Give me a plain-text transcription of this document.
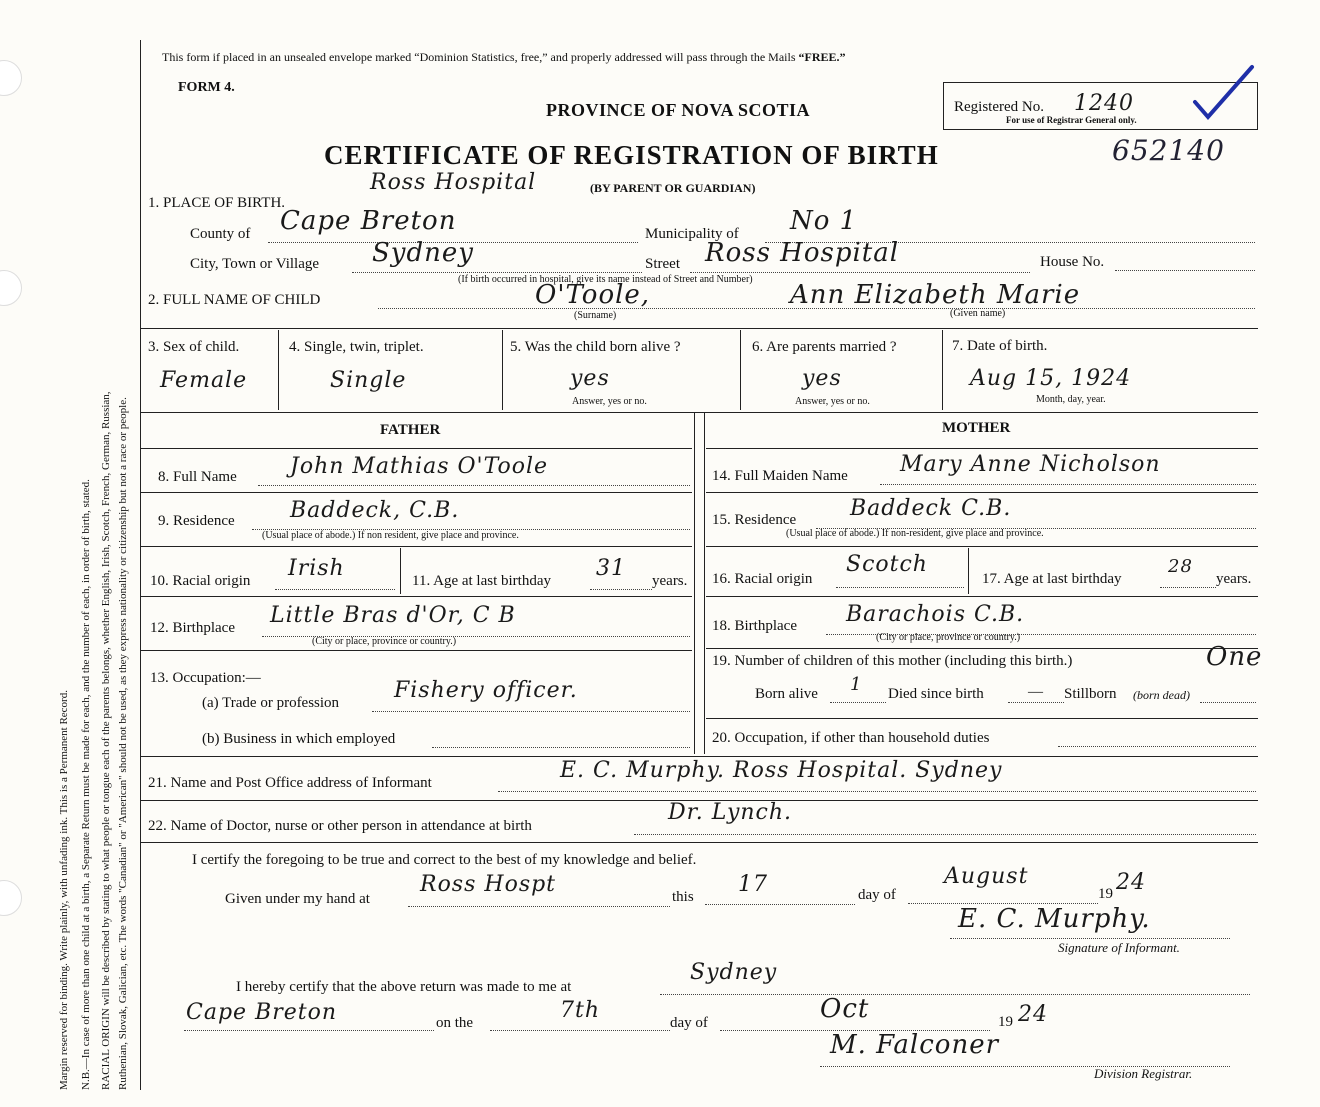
Margin reserved for binding. Write plainly, with unfading ink. This is a Permanent Record. N.B.—In case of more than one child at a birth, a Separate Return must be made for each, and the number of each, in order of birth, stated. RACIAL ORIGIN will be described by stating to what people or tongue each of the parents belongs, whether English, Irish, Scotch, French, German, Russian, Ruthenian, Slovak, Galician, etc. The words "Canadian" or "American" should not be used, as they express nationality or citizenship but not a race or people.
This form if placed in an unsealed envelope marked “Dominion Statistics, free,” and properly addressed will pass through the Mails “FREE.”
FORM 4.
PROVINCE OF NOVA SCOTIA
CERTIFICATE OF REGISTRATION OF BIRTH
(BY PARENT OR GUARDIAN)
Registered No. 1240
For use of Registrar General only.
652140
Ross Hospital
1. PLACE OF BIRTH.
County of Cape Breton	Municipality of No 1
City, Town or Village Sydney	Street Ross Hospital	House No.
(If birth occurred in hospital, give its name instead of Street and Number)
2. FULL NAME OF CHILD	O'Toole,	Ann Elizabeth Marie
(Surname)	(Given name)
3. Sex of child.
Female
4. Single, twin, triplet.
Single
5. Was the child born alive ?
yes
Answer, yes or no.
6. Are parents married ?
yes
Answer, yes or no.
7. Date of birth.
Aug 15, 1924
Month, day, year.
FATHER	MOTHER
8. Full Name John Mathias O'Toole
9. Residence	Baddeck, C.B.
(Usual place of abode.) If non resident, give place and province.
10. Racial origin Irish	11. Age at last birthday 31 years.
12. Birthplace Little Bras d'Or, C B
(City or place, province or country.)
13. Occupation:—
(a) Trade or profession Fishery officer.
(b) Business in which employed
14. Full Maiden Name Mary Anne Nicholson
15. Residence Baddeck C.B.
(Usual place of abode.) If non-resident, give place and province.
16. Racial origin
Scotch
17. Age at last birthday
28
years.
18. Birthplace Barachois C.B.
(City or place, province or country.)
19. Number of children of this mother (including this birth.)	One
Born alive 1 Died since birth	— Stillborn (born dead)
20. Occupation, if other than household duties
21. Name and Post Office address of Informant	E. C. Murphy. Ross Hospital. Sydney
22. Name of Doctor, nurse or other person in attendance at birth
Dr. Lynch.
I certify the foregoing to be true and correct to the best of my knowledge and belief.
Given under my hand at
Ross Hospt	this 17	day of
August
19 24
E. C. Murphy.
Signature of Informant.
I hereby certify that the above return was made to me at
Sydney
Cape Breton	on the	7th	day of	Oct	19 24
M. Falconer
Division Registrar.
